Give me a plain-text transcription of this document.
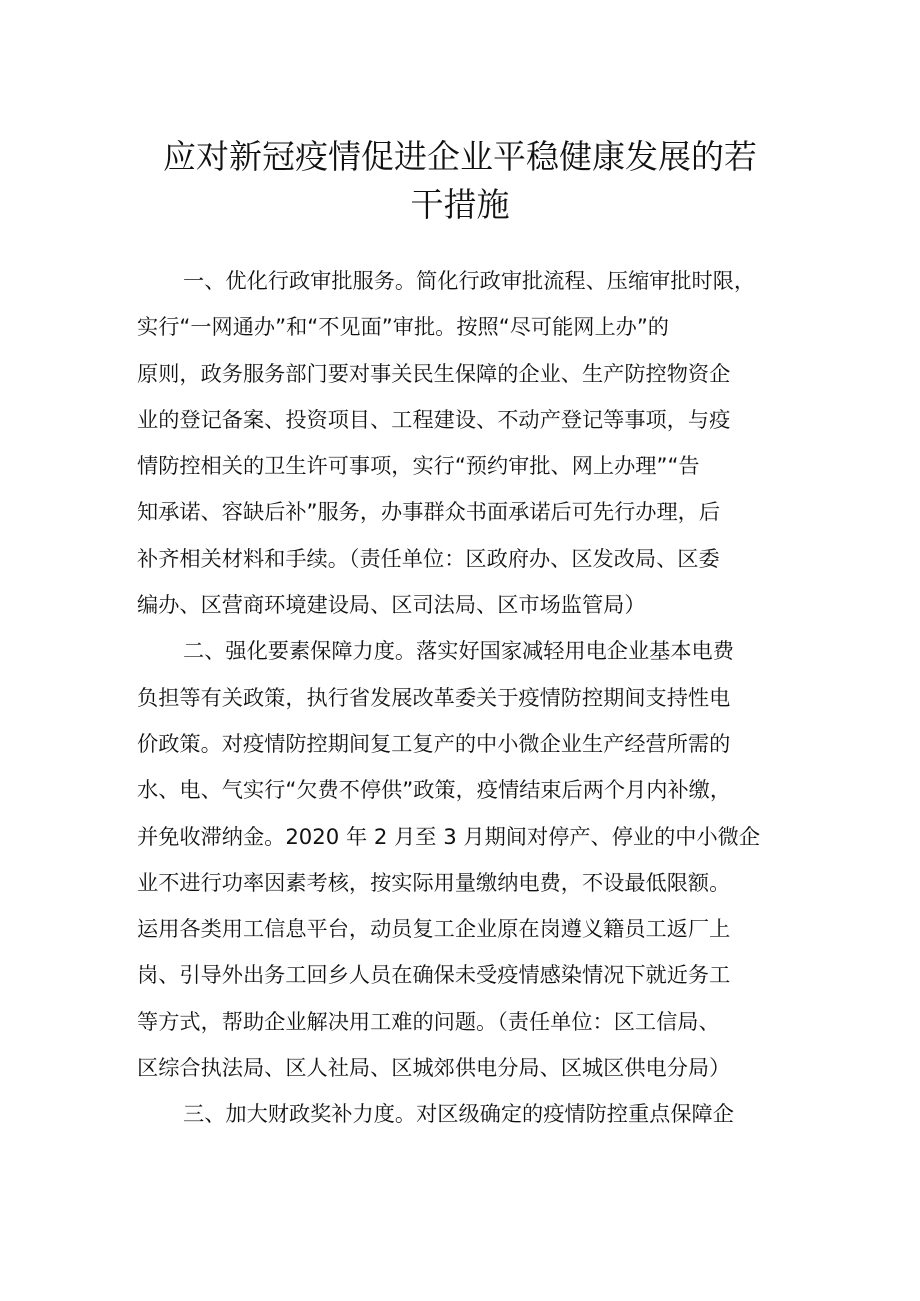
应对新冠疫情促进企业平稳健康发展的若
干措施
一、优化行政审批服务。简化行政审批流程、压缩审批时限，
实行“一网通办”和“不见面”审批。按照“尽可能网上办”的
原则，政务服务部门要对事关民生保障的企业、生产防控物资企
业的登记备案、投资项目、工程建设、不动产登记等事项，与疫
情防控相关的卫生许可事项，实行“预约审批、网上办理”“告
知承诺、容缺后补”服务，办事群众书面承诺后可先行办理，后
补齐相关材料和手续。（责任单位：区政府办、区发改局、区委
编办、区营商环境建设局、区司法局、区市场监管局）
二、强化要素保障力度。落实好国家减轻用电企业基本电费
负担等有关政策，执行省发展改革委关于疫情防控期间支持性电
价政策。对疫情防控期间复工复产的中小微企业生产经营所需的
水、电、气实行“欠费不停供”政策，疫情结束后两个月内补缴，
并免收滞纳金。2020 年 2 月至 3 月期间对停产、停业的中小微企
业不进行功率因素考核，按实际用量缴纳电费，不设最低限额。
运用各类用工信息平台，动员复工企业原在岗遵义籍员工返厂上
岗、引导外出务工回乡人员在确保未受疫情感染情况下就近务工
等方式，帮助企业解决用工难的问题。（责任单位：区工信局、
区综合执法局、区人社局、区城郊供电分局、区城区供电分局）
三、加大财政奖补力度。对区级确定的疫情防控重点保障企
